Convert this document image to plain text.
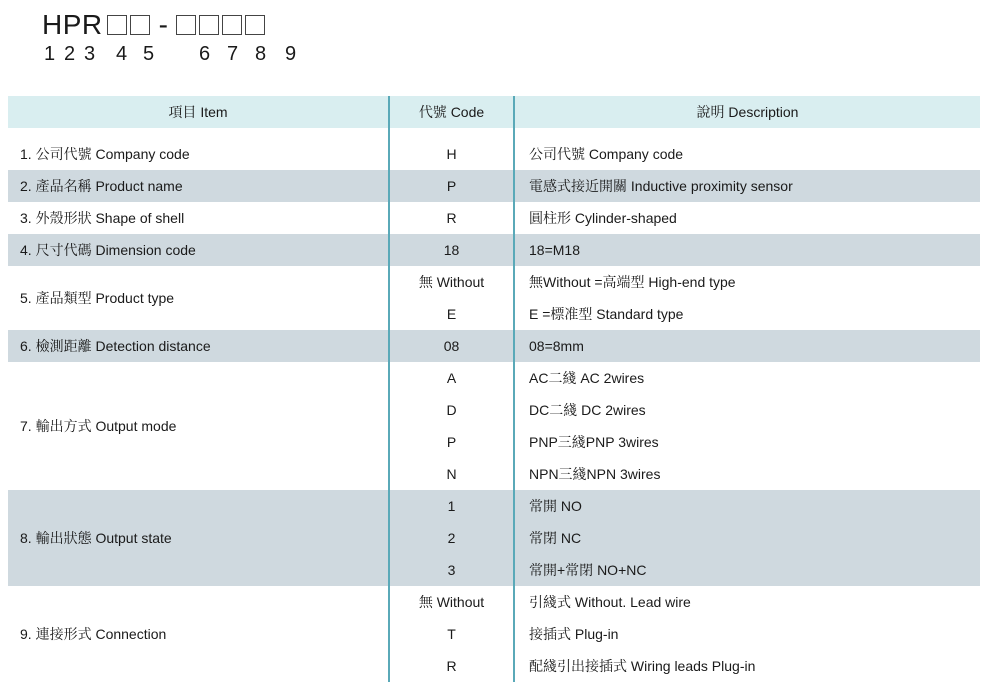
HPR -
1 2 3 4 5 6 7 8 9
項目 Item	代號 Code	說明 Description

1. 公司代號 Company code	H	公司代號 Company code
2. 產品名稱 Product name	P	電感式接近開關 Inductive proximity sensor
3. 外殼形狀 Shape of shell	R	圓柱形 Cylinder-shaped
4. 尺寸代碼 Dimension code	18	18=M18
5. 產品類型 Product type	無 Without	無Without =高端型 High-end type
	E	E =標准型 Standard type
6. 檢測距離 Detection distance	08	08=8mm
7. 輸出方式 Output mode	A	AC二綫 AC 2wires
	D	DC二綫 DC 2wires
	P	PNP三綫PNP 3wires
	N	NPN三綫NPN 3wires
8. 輸出狀態 Output state	1	常開 NO
	2	常閉 NC
	3	常開+常閉 NO+NC
9. 連接形式 Connection	無 Without	引綫式 Without. Lead wire
	T	接插式 Plug-in
	R	配綫引出接插式 Wiring leads Plug-in
